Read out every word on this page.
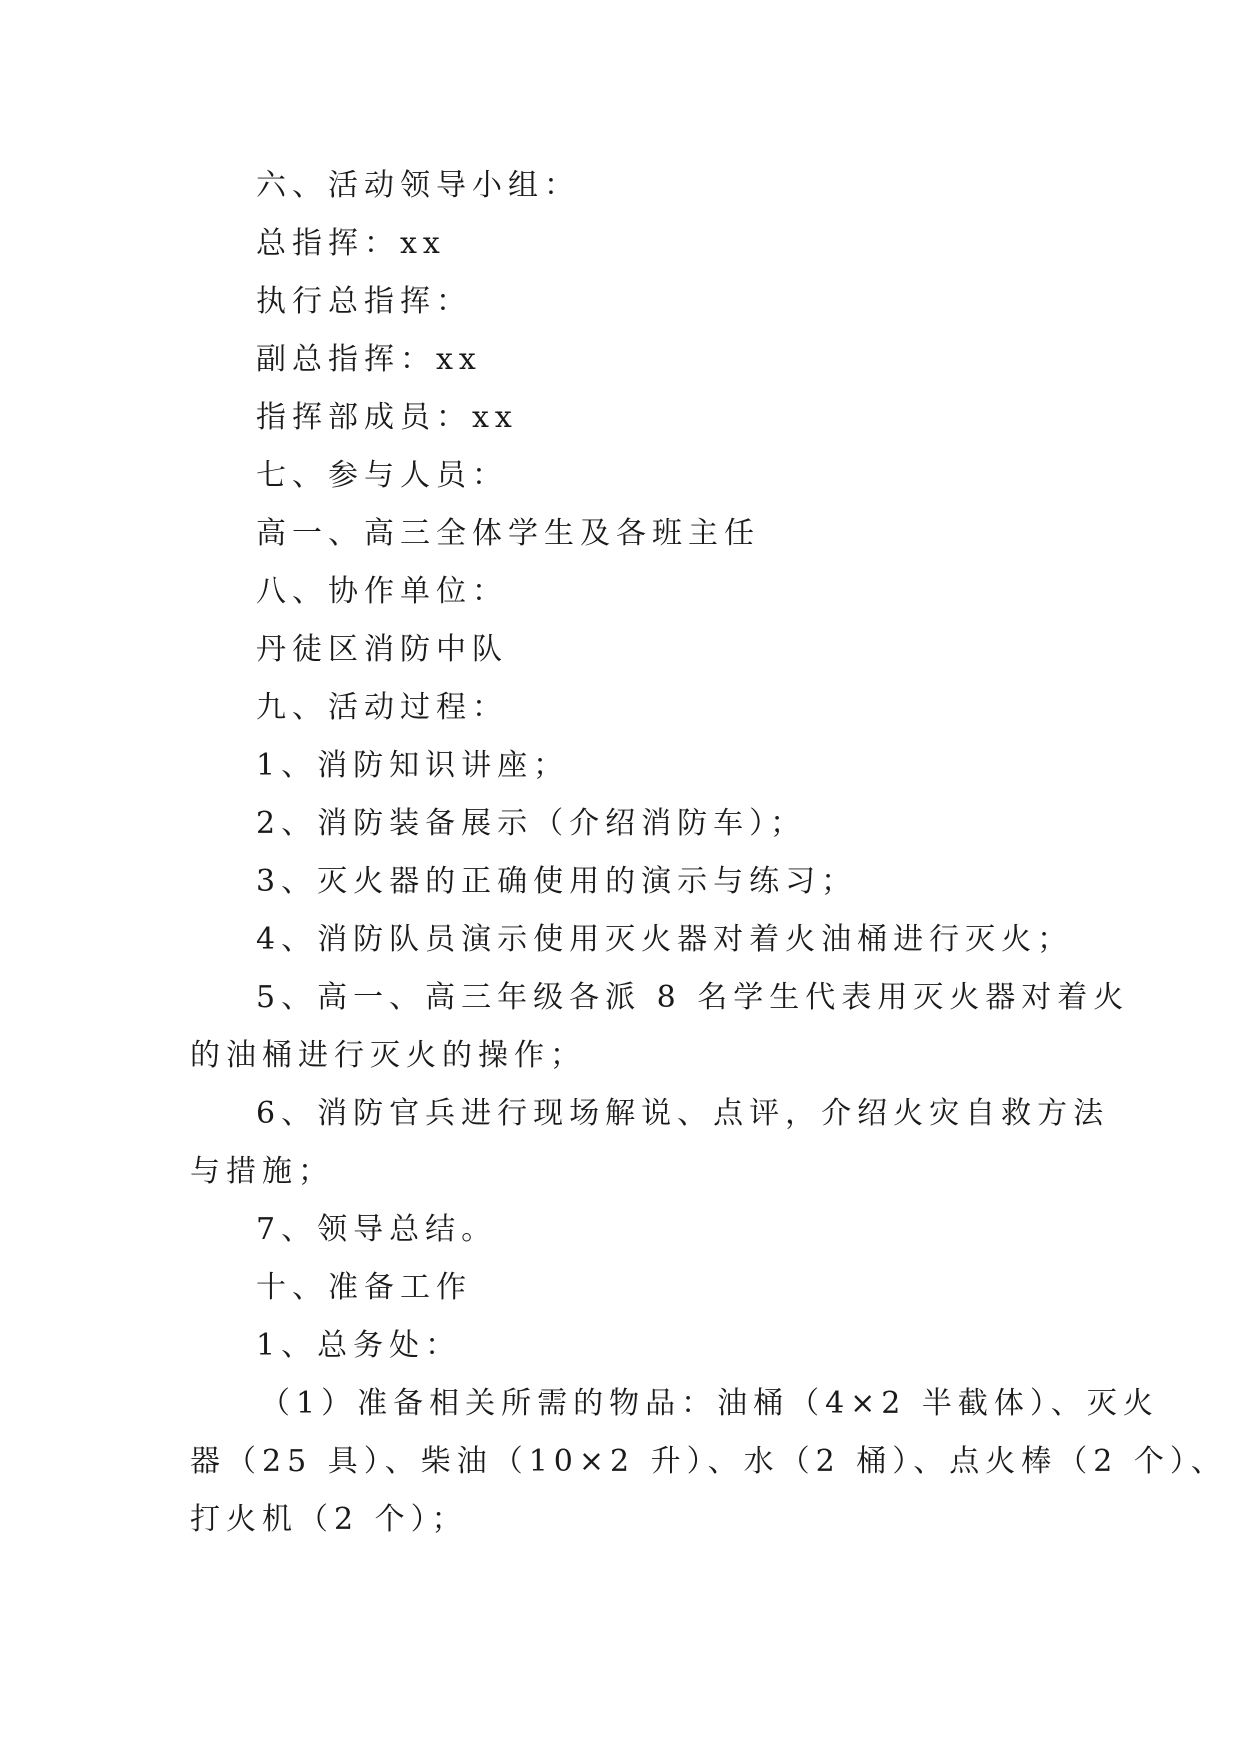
六、活动领导小组：
总指挥：xx
执行总指挥：
副总指挥：xx
指挥部成员：xx
七、参与人员：
高一、高三全体学生及各班主任
八、协作单位：
丹徒区消防中队
九、活动过程：
1、消防知识讲座；
2、消防装备展示（介绍消防车）；
3、灭火器的正确使用的演示与练习；
4、消防队员演示使用灭火器对着火油桶进行灭火；
5、高一、高三年级各派 8 名学生代表用灭火器对着火
的油桶进行灭火的操作；
6、消防官兵进行现场解说、点评，介绍火灾自救方法
与措施；
7、领导总结。
十、准备工作
1、总务处：
（1）准备相关所需的物品：油桶（4×2 半截体）、灭火
器（25 具）、柴油（10×2 升）、水（2 桶）、点火棒（2 个）、
打火机（2 个）；
